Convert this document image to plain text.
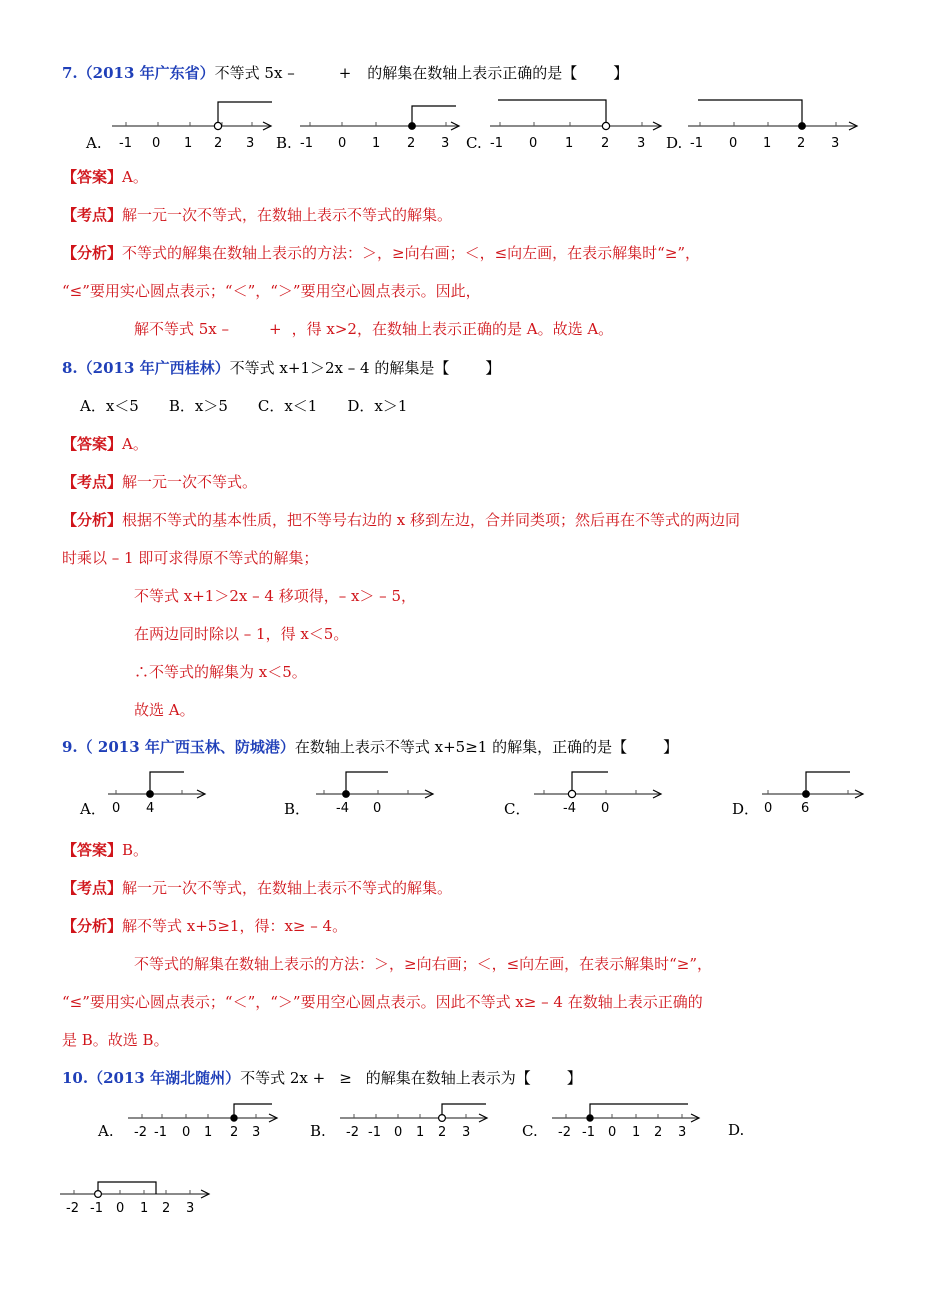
7.（2013 年广东省）不等式 5x –	+ 的解集在数轴上表示正确的是【 】
A. -1 0 1 2 3 B. -1 0 1 2 3 C. -1 0 1 2 3 D. -1 0 1 2 3
【答案】A。
【考点】解一元一次不等式，在数轴上表示不等式的解集。
【分析】不等式的解集在数轴上表示的方法：＞，≥向右画；＜，≤向左画，在表示解集时“≥”，
“≤”要用实心圆点表示；“＜”，“＞”要用空心圆点表示。因此，
解不等式 5x –	+ ，得 x>2，在数轴上表示正确的是 A。故选 A。
8.（2013 年广西桂林）不等式 x+1＞2x – 4 的解集是【 】
A．x＜5 B．x＞5 C．x＜1 D．x＞1
【答案】A。
【考点】解一元一次不等式。
【分析】根据不等式的基本性质，把不等号右边的 x 移到左边，合并同类项；然后再在不等式的两边同
时乘以 – 1 即可求得原不等式的解集；
不等式 x+1＞2x – 4 移项得，– x＞ – 5，
在两边同时除以 – 1，得 x＜5。
∴不等式的解集为 x＜5。
故选 A。
9.（ 2013 年广西玉林、防城港）在数轴上表示不等式 x+5≥1 的解集，正确的是【 】
A． 0 4	B． -4 0	C．	-4 0	D． 0 6
【答案】B。
【考点】解一元一次不等式，在数轴上表示不等式的解集。
【分析】解不等式 x+5≥1，得：x≥ – 4。
不等式的解集在数轴上表示的方法：＞，≥向右画；＜，≤向左画，在表示解集时“≥”，
“≤”要用实心圆点表示；“＜”，“＞”要用空心圆点表示。因此不等式 x≥ – 4 在数轴上表示正确的
是 B。故选 B。
10.（2013 年湖北随州）不等式 2x + ≥ 的解集在数轴上表示为【 】
A. -2 -1 0 1 2 3	B. -2 -1 0 1 2 3	C. -2 -1 0 1 2 3	D.
-2 -1 0 1 2 3
